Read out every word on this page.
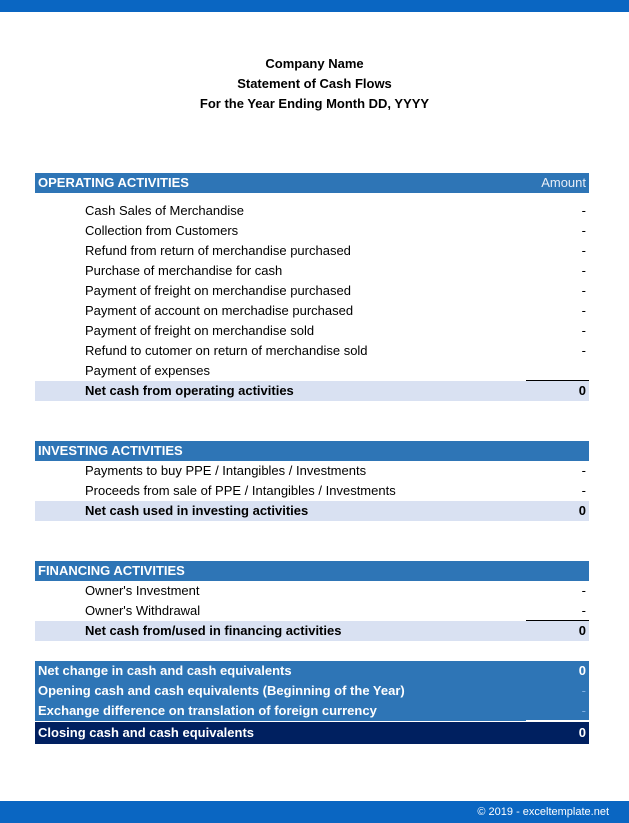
Company Name
Statement of Cash Flows
For the Year Ending Month DD, YYYY
OPERATING ACTIVITIES	Amount
Cash Sales of Merchandise	-
Collection from Customers	-
Refund from return of merchandise purchased	-
Purchase of merchandise for cash	-
Payment of freight on merchandise purchased	-
Payment of account on merchadise purchased	-
Payment of freight on merchandise sold	-
Refund to cutomer on return of merchandise sold	-
Payment of expenses
Net cash from operating activities	0
INVESTING ACTIVITIES
Payments to buy PPE / Intangibles / Investments	-
Proceeds from sale of PPE / Intangibles / Investments	-
Net cash used in investing activities	0
FINANCING ACTIVITIES
Owner's Investment	-
Owner's Withdrawal	-
Net cash from/used in financing activities	0
Net change in cash and cash equivalents	0
Opening cash and cash equivalents (Beginning of the Year)	-
Exchange difference on translation of foreign currency	-
Closing cash and cash equivalents	0
© 2019 - exceltemplate.net
